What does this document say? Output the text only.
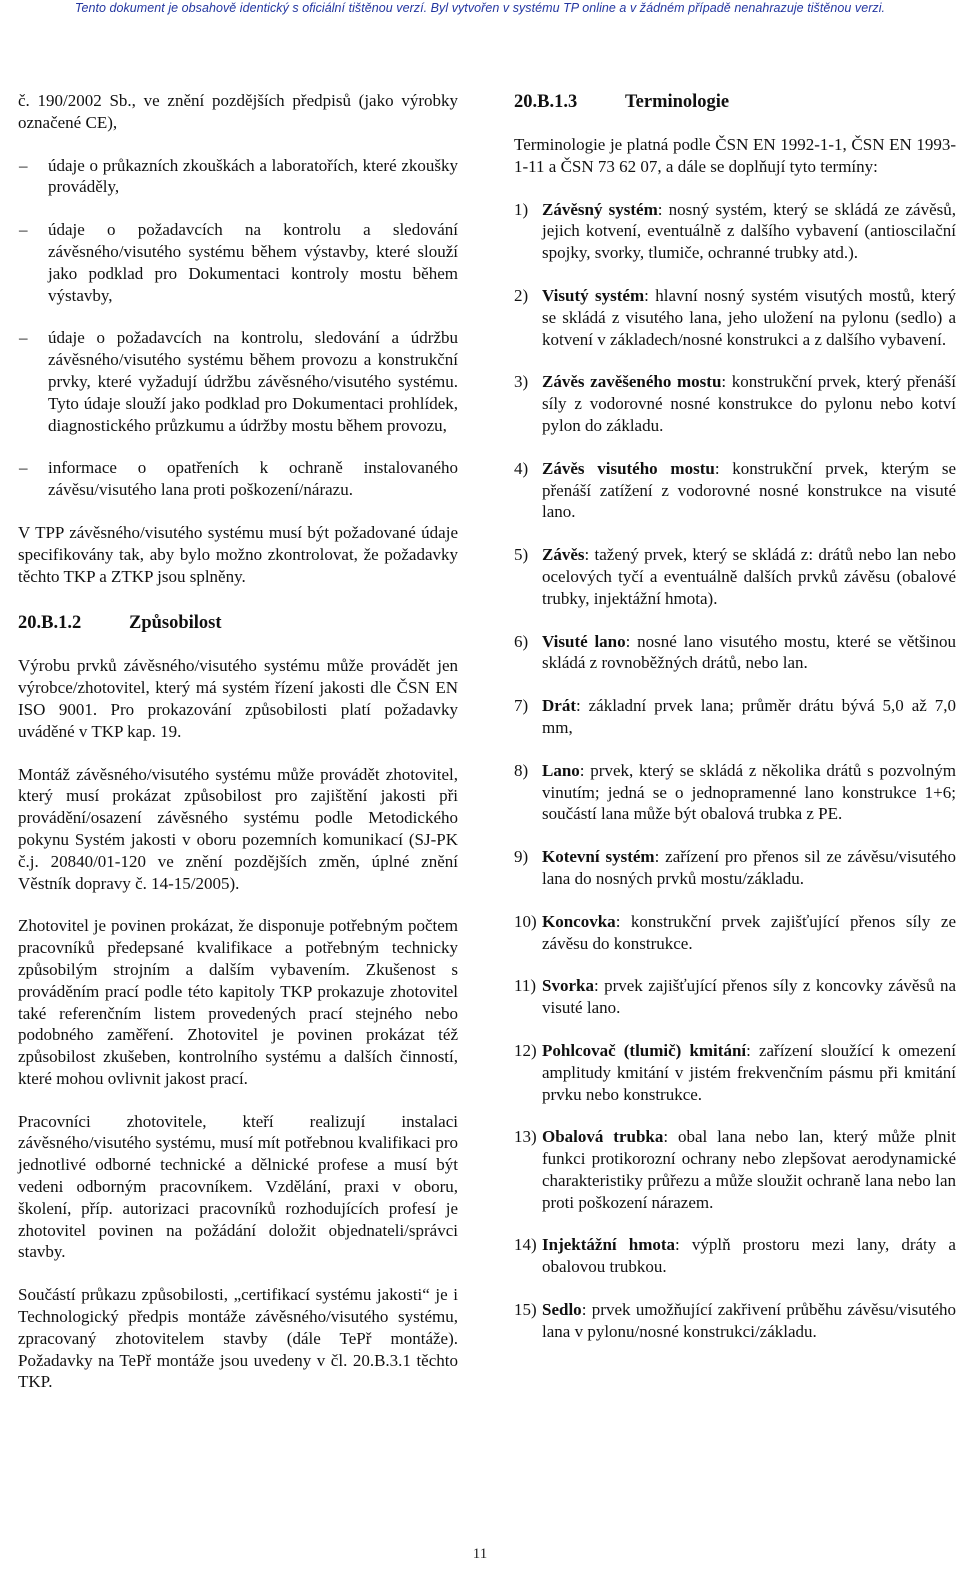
Tento dokument je obsahově identický s oficiální tištěnou verzí. Byl vytvořen v systému TP online a v žádném případě nenahrazuje tištěnou verzi.

č. 190/2002 Sb., ve znění pozdějších předpisů (jako výrobky označené CE),

– údaje o průkazních zkouškách a laboratořích, které zkoušky prováděly,
– údaje o požadavcích na kontrolu a sledování závěsného/visutého systému během výstavby, které slouží jako podklad pro Dokumentaci kontroly mostu během výstavby,
– údaje o požadavcích na kontrolu, sledování a údržbu závěsného/visutého systému během provozu a konstrukční prvky, které vyžadují údržbu závěsného/visutého systému. Tyto údaje slouží jako podklad pro Dokumentaci prohlídek, diagnostického průzkumu a údržby mostu během provozu,
– informace o opatřeních k ochraně instalovaného závěsu/visutého lana proti poškození/nárazu.

V TPP závěsného/visutého systému musí být požadované údaje specifikovány tak, aby bylo možno zkontrolovat, že požadavky těchto TKP a ZTKP jsou splněny.

20.B.1.2	Způsobilost

Výrobu prvků závěsného/visutého systému může provádět jen výrobce/zhotovitel, který má systém řízení jakosti dle ČSN EN ISO 9001. Pro prokazování způsobilosti platí požadavky uváděné v TKP kap. 19.

Montáž závěsného/visutého systému může provádět zhotovitel, který musí prokázat způsobilost pro zajištění jakosti při provádění/osazení závěsného systému podle Metodického pokynu Systém jakosti v oboru pozemních komunikací (SJ-PK č.j. 20840/01-120 ve znění pozdějších změn, úplné znění Věstník dopravy č. 14-15/2005).

Zhotovitel je povinen prokázat, že disponuje potřebným počtem pracovníků předepsané kvalifikace a potřebným technicky způsobilým strojním a dalším vybavením. Zkušenost s prováděním prací podle této kapitoly TKP prokazuje zhotovitel také referenčním listem provedených prací stejného nebo podobného zaměření. Zhotovitel je povinen prokázat též způsobilost zkušeben, kontrolního systému a dalších činností, které mohou ovlivnit jakost prací.

Pracovníci zhotovitele, kteří realizují instalaci závěsného/visutého systému, musí mít potřebnou kvalifikaci pro jednotlivé odborné technické a dělnické profese a musí být vedeni odborným pracovníkem. Vzdělání, praxi v oboru, školení, příp. autorizaci pracovníků rozhodujících profesí je zhotovitel povinen na požádání doložit objednateli/správci stavby.

Součástí průkazu způsobilosti, „certifikací systému jakosti“ je i Technologický předpis montáže závěsného/visutého systému, zpracovaný zhotovitelem stavby (dále TePř montáže). Požadavky na TePř montáže jsou uvedeny v čl. 20.B.3.1 těchto TKP.

20.B.1.3	Terminologie

Terminologie je platná podle ČSN EN 1992-1-1, ČSN EN 1993-1-11 a ČSN 73 62 07, a dále se doplňují tyto termíny:

1) Závěsný systém: nosný systém, který se skládá ze závěsů, jejich kotvení, eventuálně z dalšího vybavení (antioscilační spojky, svorky, tlumiče, ochranné trubky atd.).
2) Visutý systém: hlavní nosný systém visutých mostů, který se skládá z visutého lana, jeho uložení na pylonu (sedlo) a kotvení v základech/nosné konstrukci a z dalšího vybavení.
3) Závěs zavěšeného mostu: konstrukční prvek, který přenáší síly z vodorovné nosné konstrukce do pylonu nebo kotví pylon do základu.
4) Závěs visutého mostu: konstrukční prvek, kterým se přenáší zatížení z vodorovné nosné konstrukce na visuté lano.
5) Závěs: tažený prvek, který se skládá z: drátů nebo lan nebo ocelových tyčí a eventuálně dalších prvků závěsu (obalové trubky, injektážní hmota).
6) Visuté lano: nosné lano visutého mostu, které se většinou skládá z rovnoběžných drátů, nebo lan.
7) Drát: základní prvek lana; průměr drátu bývá 5,0 až 7,0 mm,
8) Lano: prvek, který se skládá z několika drátů s pozvolným vinutím; jedná se o jednopramenné lano konstrukce 1+6; součástí lana může být obalová trubka z PE.
9) Kotevní systém: zařízení pro přenos sil ze závěsu/visutého lana do nosných prvků mostu/základu.
10) Koncovka: konstrukční prvek zajišťující přenos síly ze závěsu do konstrukce.
11) Svorka: prvek zajišťující přenos síly z koncovky závěsů na visuté lano.
12) Pohlcovač (tlumič) kmitání: zařízení sloužící k omezení amplitudy kmitání v jistém frekvenčním pásmu při kmitání prvku nebo konstrukce.
13) Obalová trubka: obal lana nebo lan, který může plnit funkci protikorozní ochrany nebo zlepšovat aerodynamické charakteristiky průřezu a může sloužit ochraně lana nebo lan proti poškození nárazem.
14) Injektážní hmota: výplň prostoru mezi lany, dráty a obalovou trubkou.
15) Sedlo: prvek umožňující zakřivení průběhu závěsu/visutého lana v pylonu/nosné konstrukci/základu.
11
